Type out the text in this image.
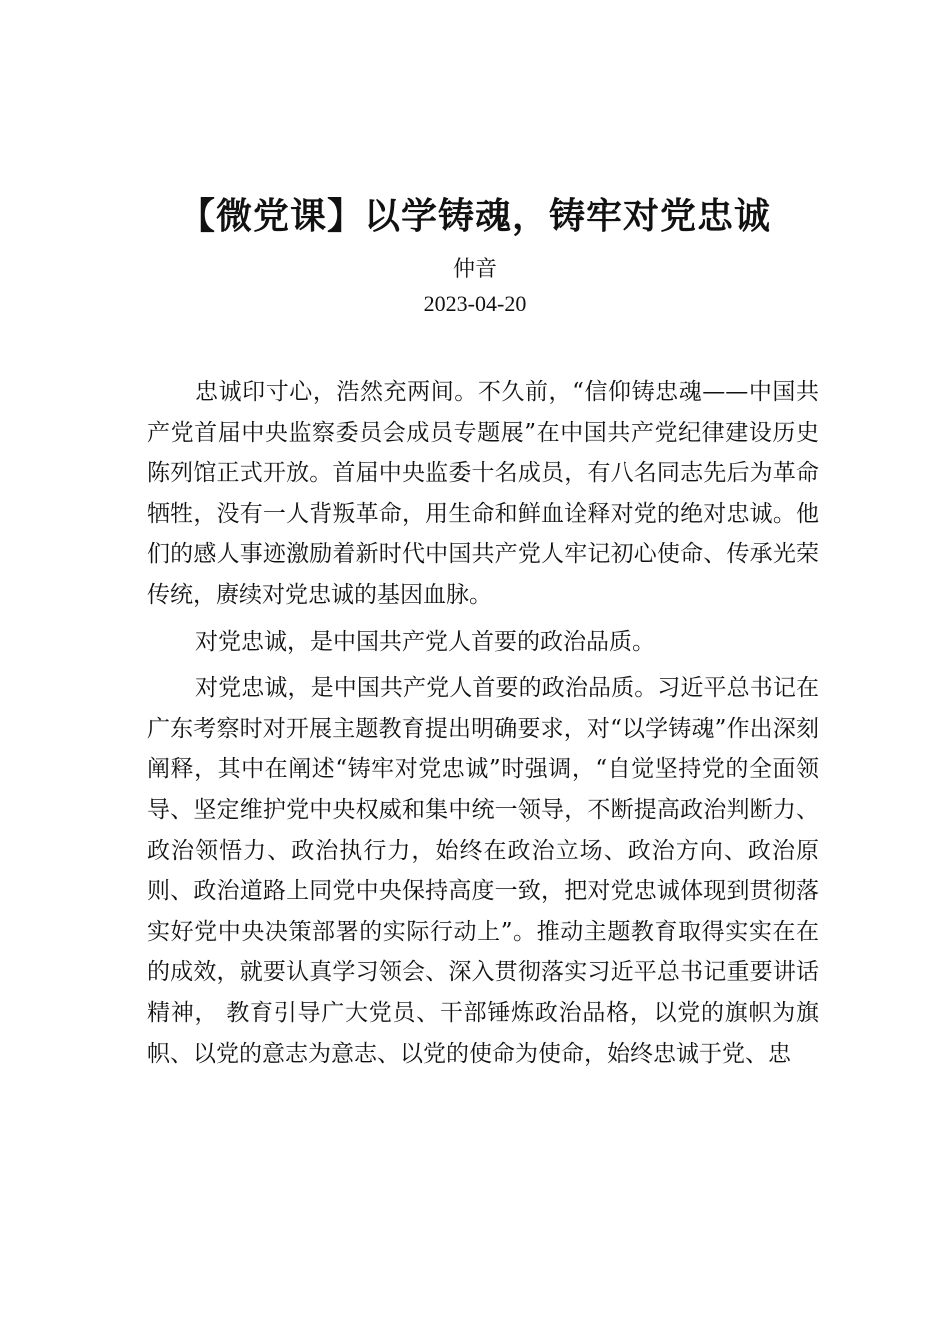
【微党课】以学铸魂，铸牢对党忠诚
仲音
2023-04-20

忠诚印寸心，浩然充两间。不久前，“信仰铸忠魂——中国共产党首届中央监察委员会成员专题展”在中国共产党纪律建设历史陈列馆正式开放。首届中央监委十名成员，有八名同志先后为革命牺牲，没有一人背叛革命，用生命和鲜血诠释对党的绝对忠诚。他们的感人事迹激励着新时代中国共产党人牢记初心使命、传承光荣传统，赓续对党忠诚的基因血脉。

对党忠诚，是中国共产党人首要的政治品质。

对党忠诚，是中国共产党人首要的政治品质。习近平总书记在广东考察时对开展主题教育提出明确要求，对“以学铸魂”作出深刻阐释，其中在阐述“铸牢对党忠诚”时强调，“自觉坚持党的全面领导、坚定维护党中央权威和集中统一领导，不断提高政治判断力、政治领悟力、政治执行力，始终在政治立场、政治方向、政治原则、政治道路上同党中央保持高度一致，把对党忠诚体现到贯彻落实好党中央决策部署的实际行动上”。推动主题教育取得实实在在的成效，就要认真学习领会、深入贯彻落实习近平总书记重要讲话精神， 教育引导广大党员、干部锤炼政治品格，以党的旗帜为旗帜、以党的意志为意志、以党的使命为使命，始终忠诚于党、忠
